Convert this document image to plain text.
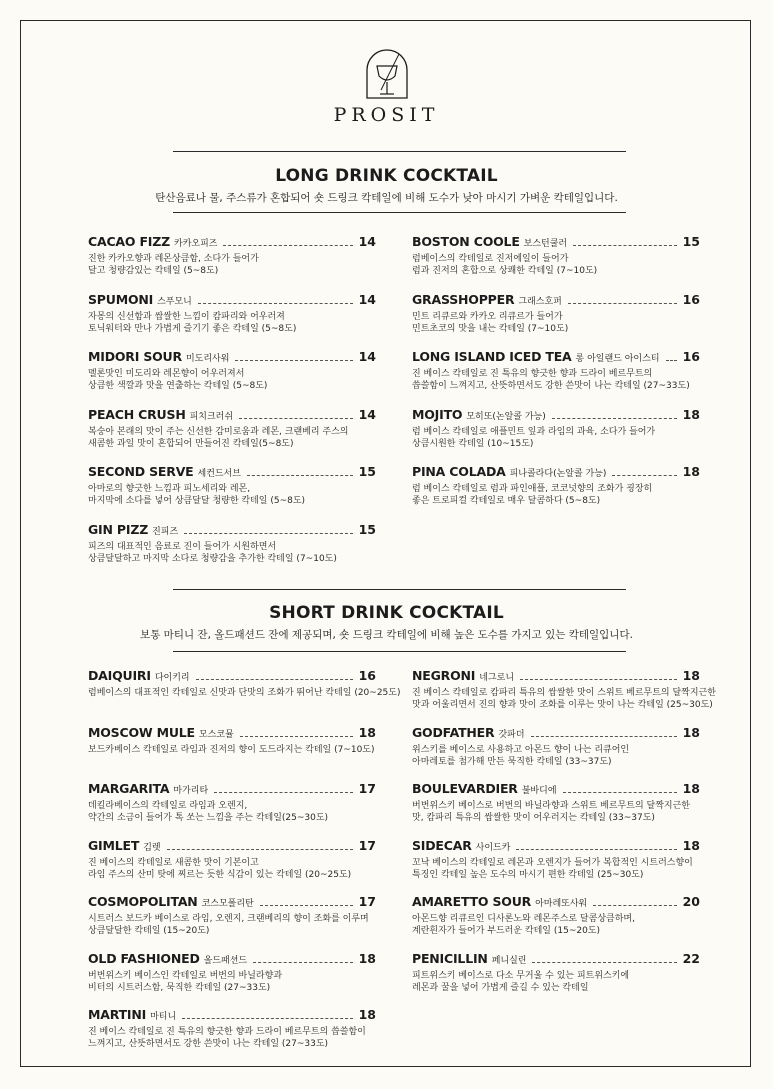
PROSIT
LONG DRINK COCKTAIL
탄산음료나 물, 주스류가 혼합되어 숏 드링크 칵테일에 비해 도수가 낮아 마시기 가벼운 칵테일입니다.
CACAO FIZZ 카카오피즈	14
진한 카카오향과 레몬상큼함, 소다가 들어가
달고 청량감있는 칵테일 (5~8도)
SPUMONI 스푸모니	14
자몽의 신선함과 쌉쌀한 느낌이 캄파리와 어우러져
토닉워터와 만나 가볍게 즐기기 좋은 칵테일 (5~8도)
MIDORI SOUR 미도리사워	14
멜론맛인 미도리와 레몬향이 어우러져서
상큼한 색깔과 맛을 연출하는 칵테일 (5~8도)
PEACH CRUSH 피치크러쉬	14
복숭아 본래의 맛이 주는 신선한 감미로움과 레몬, 크랜베리 주스의
새콤한 과일 맛이 혼합되어 만들어진 칵테일(5~8도)
SECOND SERVE 세컨드서브	15
아마로의 향긋한 느낌과 피노세리와 레몬,
마지막에 소다를 넣어 상큼달달 청량한 칵테일 (5~8도)
GIN PIZZ 진피즈	15
피즈의 대표적인 음료로 진이 들어가 시원하면서
상큼달달하고 마지막 소다로 청량감을 추가한 칵테일 (7~10도)
BOSTON COOLE 보스턴쿨러	15
럼베이스의 칵테일로 진저에일이 들어가
럼과 진저의 혼합으로 상쾌한 칵테일 (7~10도)
GRASSHOPPER 그래스호퍼	16
민트 리큐르와 카카오 리큐르가 들어가
민트초코의 맛을 내는 칵테일 (7~10도)
LONG ISLAND ICED TEA 롱 아일랜드 아이스티 16
진 베이스 칵테일로 진 특유의 향긋한 향과 드라이 베르무트의
씁쓸함이 느껴지고, 산뜻하면서도 강한 쓴맛이 나는 칵테일 (27~33도)
MOJITO 모히또(논알콜 가능)	18
럼 베이스 칵테일로 애플민트 잎과 라임의 과육, 소다가 들어가
상큼시원한 칵테일 (10~15도)
PINA COLADA 피나콜라다(논알콜 가능)	18
럼 베이스 칵테일로 럼과 파인애플, 코코넛향의 조화가 굉장히
좋은 트로피컬 칵테일로 매우 달콤하다 (5~8도)
SHORT DRINK COCKTAIL
보통 마티니 잔, 올드패션드 잔에 제공되며, 숏 드링크 칵테일에 비해 높은 도수를 가지고 있는 칵테일입니다.
DAIQUIRI 다이키리	16
럼베이스의 대표적인 칵테일로 신맛과 단맛의 조화가 뛰어난 칵테일 (20~25도)
MOSCOW MULE 모스코뮬	18
보드카베이스 칵테일로 라임과 진저의 향이 도드라지는 칵테일 (7~10도)
MARGARITA 마가리타	17
데킬라베이스의 칵테일로 라임과 오렌지,
약간의 소금이 들어가 톡 쏘는 느낌을 주는 칵테일(25~30도)
GIMLET 김렛	17
진 베이스의 칵테일로 새콤한 맛이 기본이고
라임 주스의 산미 탓에 찌르는 듯한 식감이 있는 칵테일 (20~25도)
COSMOPOLITAN 코스모폴리탄	17
시트러스 보드카 베이스로 라임, 오렌지, 크랜베리의 향이 조화를 이루며
상큼달달한 칵테일 (15~20도)
OLD FASHIONED 올드패션드	18
버번위스키 베이스인 칵테일로 버번의 바닐라향과
비터의 시트러스함, 묵직한 칵테일 (27~33도)
MARTINI 마티니	18
진 베이스 칵테일로 진 특유의 향긋한 향과 드라이 베르무트의 씁쓸함이
느껴지고, 산뜻하면서도 강한 쓴맛이 나는 칵테일 (27~33도)
NEGRONI 네그로니	18
진 베이스 칵테일로 캄파리 특유의 쌉쌀한 맛이 스위트 베르무트의 달짝지근한
맛과 어울리면서 진의 향과 맛이 조화를 이루는 맛이 나는 칵테일 (25~30도)
GODFATHER 갓파더	18
위스키를 베이스로 사용하고 아몬드 향이 나는 리큐어인
아마레토를 첨가해 만든 묵직한 칵테일 (33~37도)
BOULEVARDIER 불바디에	18
버번위스키 베이스로 버번의 바닐라향과 스위트 베르무트의 달짝지근한
맛, 캄파리 특유의 쌉쌀한 맛이 어우러지는 칵테일 (33~37도)
SIDECAR 사이드카	18
꼬낙 베이스의 칵테일로 레몬과 오렌지가 들어가 복합적인 시트러스향이
특징인 칵테일 높은 도수의 마시기 편한 칵테일 (25~30도)
AMARETTO SOUR 아마레또사워	20
아몬드향 리큐르인 디사론노와 레몬주스로 달콤상큼하며,
계란흰자가 들어가 부드러운 칵테일 (15~20도)
PENICILLIN 페니실린	22
피트위스키 베이스로 다소 무거울 수 있는 피트위스키에
레몬과 꿀을 넣어 가볍게 즐길 수 있는 칵테일
